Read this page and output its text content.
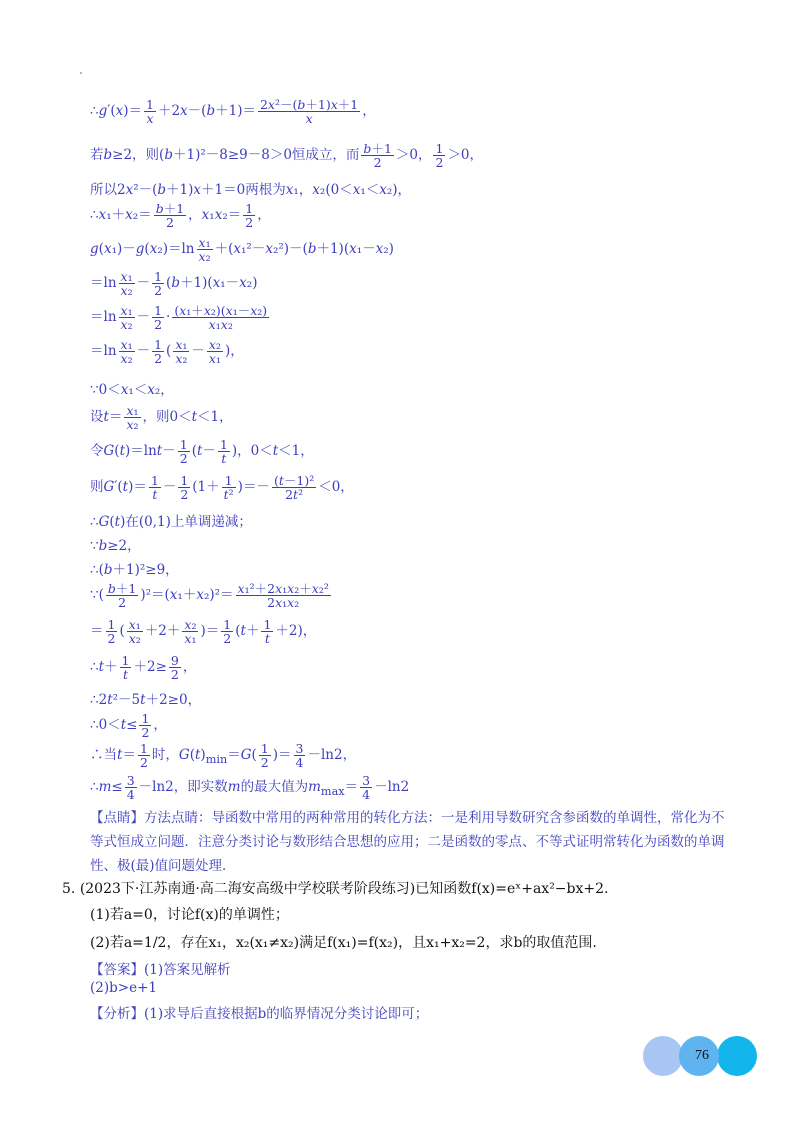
∴g′(x)＝ $\frac{1}{x} +2x-(b+1)= \frac{\text{2x²－(b＋1)x＋1}}{x}$ ，
若b≥2，则(b＋1)²－8≥9－8＞0恒成立，而 $\frac{b+1}{2} >0$， $\frac{1}{2} >0$，
所以2x²－(b＋1)x＋1＝0两根为x₁，x₂(0＜x₁＜x₂)，
∴x₁＋x₂＝ $\frac{b+1}{2}$ ，$x_1x_2= \frac{1}{2}$ ，
$g(x_1)-g(x_2)=\ln \frac{\text{x₁}}{\text{x₂}} +(x_1^2-x_2^2)-(b+1)(x_1-x_2)$
$=\ln \frac{\text{x₁}}{\text{x₂}} - \frac{1}{2} (b+1)(x_1-x_2)$
$=\ln \frac{\text{x₁}}{\text{x₂}} - \frac{1}{2} \cdot \frac{\text{(x₁＋x₂)(x₁－x₂)}}{\text{x₁x₂}}$
$=\ln \frac{\text{x₁}}{\text{x₂}} - \frac{1}{2}$ ( $\frac{\text{x₁}}{\text{x₂}} - \frac{\text{x₂}}{\text{x₁}}$ )，
∵0＜x₁＜x₂，
设$t= \frac{\text{x₁}}{\text{x₂}}$ ，则0＜t＜1，
令$G(t)=\ln t- \frac{1}{2} (t- \frac{1}{t}$ )，0＜t＜1，
则$G'(t)= \frac{1}{t} - \frac{1}{2} (1+ \frac{1}{\text{t²}}$ )＝－ $\frac{\text{(t－1)²}}{\text{2t²}} <0$，
∴G(t)在(0,1)上单调递减；
∵b≥2，
∴(b＋1)²≥9，
∵( $\frac{b+1}{2} )^2=(x_1+x_2)^2= \frac{\text{x₁²＋2x₁x₂＋x₂²}}{\text{2x₁x₂}}$
＝ $\frac{1}{2}$ ( $\frac{\text{x₁}}{\text{x₂}} +2+ \frac{\text{x₂}}{\text{x₁}}$ )＝ $\frac{1}{2} (t+ \frac{1}{t} +2)$，
∴t＋ $\frac{1}{t} +2\ge \frac{9}{2}$ ，
∴2t²－5t＋2≥0，
∴0＜t≤ $\frac{1}{2}$ ，
∴当$t= \frac{1}{2}$ 时，$G(t)_{min}=G( \frac{1}{2}$ )＝ $\frac{3}{4} -\ln 2$，
∴m≤ $\frac{3}{4} -\ln 2$，即实数m的最大值为$m_{max}= \frac{3}{4} -\ln 2$
【点睛】方法点睛：导函数中常用的两种常用的转化方法：一是利用导数研究含参函数的单调性，常化为不等式恒成立问题．注意分类讨论与数形结合思想的应用；二是函数的零点、不等式证明常转化为函数的单调性、极(最)值问题处理．
5. (2023下·江苏南通·高二海安高级中学校联考阶段练习)已知函数f(x)=eˣ+ax²−bx+2.
(1)若a=0，讨论f(x)的单调性；
(2)若a=1/2，存在x₁，x₂(x₁≠x₂)满足f(x₁)=f(x₂)，且x₁+x₂=2，求b的取值范围.
【答案】(1)答案见解析
(2)b>e+1
【分析】(1)求导后直接根据b的临界情况分类讨论即可；
76
